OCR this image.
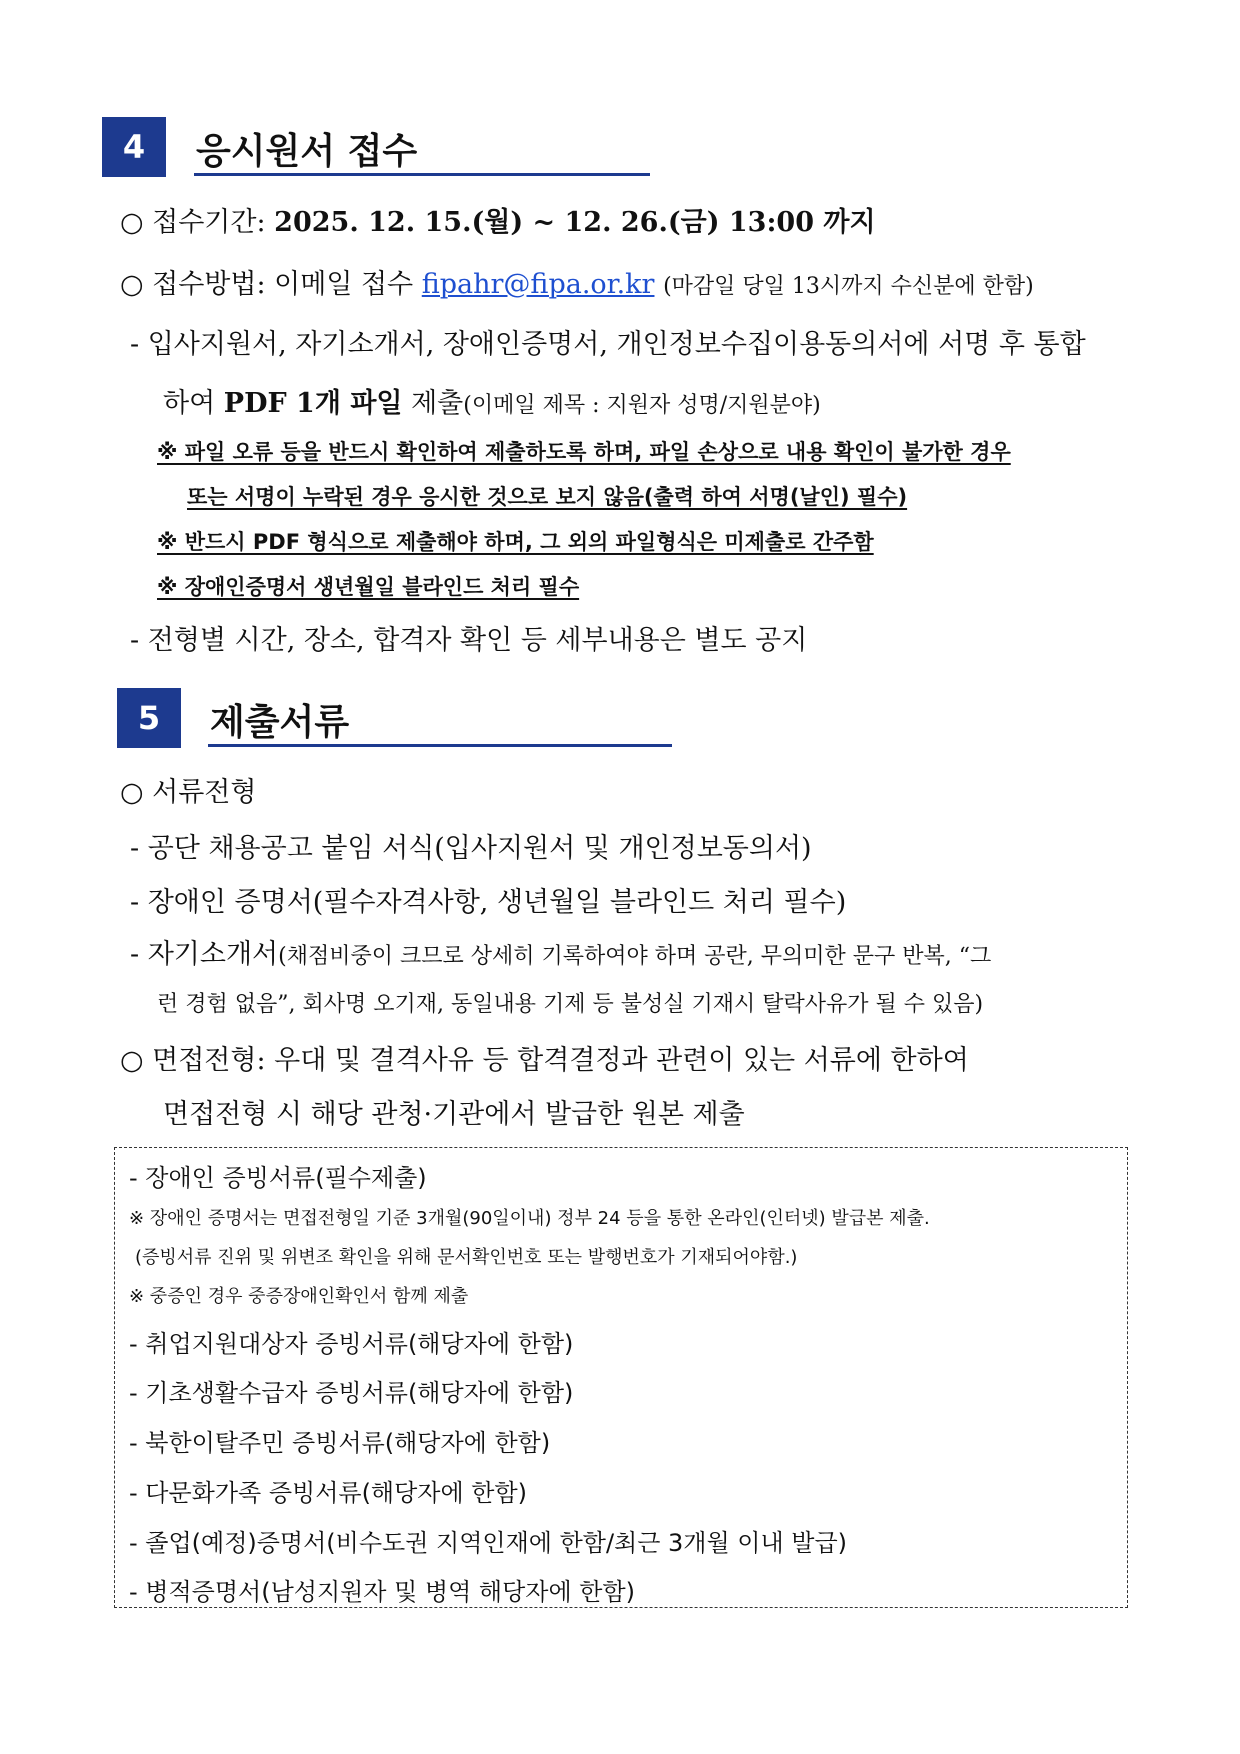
4	응시원서 접수
○ 접수기간: 2025. 12. 15.(월) ~ 12. 26.(금) 13:00 까지
○ 접수방법: 이메일 접수 fipahr@fipa.or.kr (마감일 당일 13시까지 수신분에 한함)
- 입사지원서, 자기소개서, 장애인증명서, 개인정보수집이용동의서에 서명 후 통합
하여 PDF 1개 파일 제출(이메일 제목 : 지원자 성명/지원분야)
※ 파일 오류 등을 반드시 확인하여 제출하도록 하며, 파일 손상으로 내용 확인이 불가한 경우
또는 서명이 누락된 경우 응시한 것으로 보지 않음(출력 하여 서명(날인) 필수)
※ 반드시 PDF 형식으로 제출해야 하며, 그 외의 파일형식은 미제출로 간주함
※ 장애인증명서 생년월일 블라인드 처리 필수
- 전형별 시간, 장소, 합격자 확인 등 세부내용은 별도 공지
5	제출서류
○ 서류전형
- 공단 채용공고 붙임 서식(입사지원서 및 개인정보동의서)
- 장애인 증명서(필수자격사항, 생년월일 블라인드 처리 필수)
- 자기소개서(채점비중이 크므로 상세히 기록하여야 하며 공란, 무의미한 문구 반복, “그
런 경험 없음”, 회사명 오기재, 동일내용 기제 등 불성실 기재시 탈락사유가 될 수 있음)
○ 면접전형: 우대 및 결격사유 등 합격결정과 관련이 있는 서류에 한하여
면접전형 시 해당 관청·기관에서 발급한 원본 제출
- 장애인 증빙서류(필수제출)
※ 장애인 증명서는 면접전형일 기준 3개월(90일이내) 정부 24 등을 통한 온라인(인터넷) 발급본 제출.
(증빙서류 진위 및 위변조 확인을 위해 문서확인번호 또는 발행번호가 기재되어야함.)
※ 중증인 경우 중증장애인확인서 함께 제출
- 취업지원대상자 증빙서류(해당자에 한함)
- 기초생활수급자 증빙서류(해당자에 한함)
- 북한이탈주민 증빙서류(해당자에 한함)
- 다문화가족 증빙서류(해당자에 한함)
- 졸업(예정)증명서(비수도권 지역인재에 한함/최근 3개월 이내 발급)
- 병적증명서(남성지원자 및 병역 해당자에 한함)
